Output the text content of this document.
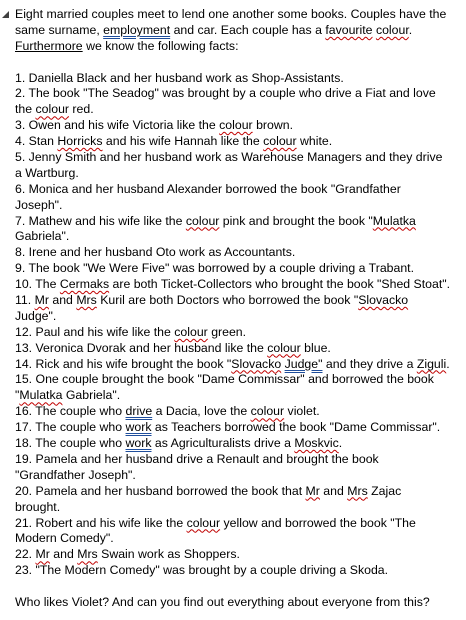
Eight married couples meet to lend one another some books. Couples have the
same surname, employment and car. Each couple has a favourite colour.
Furthermore we know the following facts:
1. Daniella Black and her husband work as Shop-Assistants.
2. The book "The Seadog" was brought by a couple who drive a Fiat and love
the colour red.
3. Owen and his wife Victoria like the colour brown.
4. Stan Horricks and his wife Hannah like the colour white.
5. Jenny Smith and her husband work as Warehouse Managers and they drive
a Wartburg.
6. Monica and her husband Alexander borrowed the book "Grandfather
Joseph".
7. Mathew and his wife like the colour pink and brought the book "Mulatka
Gabriela".
8. Irene and her husband Oto work as Accountants.
9. The book "We Were Five" was borrowed by a couple driving a Trabant.
10. The Cermaks are both Ticket-Collectors who brought the book "Shed Stoat".
11. Mr and Mrs Kuril are both Doctors who borrowed the book "Slovacko
Judge".
12. Paul and his wife like the colour green.
13. Veronica Dvorak and her husband like the colour blue.
14. Rick and his wife brought the book "Slovacko Judge" and they drive a Ziguli.
15. One couple brought the book "Dame Commissar" and borrowed the book
"Mulatka Gabriela".
16. The couple who drive a Dacia, love the colour violet.
17. The couple who work as Teachers borrowed the book "Dame Commissar".
18. The couple who work as Agriculturalists drive a Moskvic.
19. Pamela and her husband drive a Renault and brought the book
"Grandfather Joseph".
20. Pamela and her husband borrowed the book that Mr and Mrs Zajac
brought.
21. Robert and his wife like the colour yellow and borrowed the book "The
Modern Comedy".
22. Mr and Mrs Swain work as Shoppers.
23. "The Modern Comedy" was brought by a couple driving a Skoda.
Who likes Violet? And can you find out everything about everyone from this?
